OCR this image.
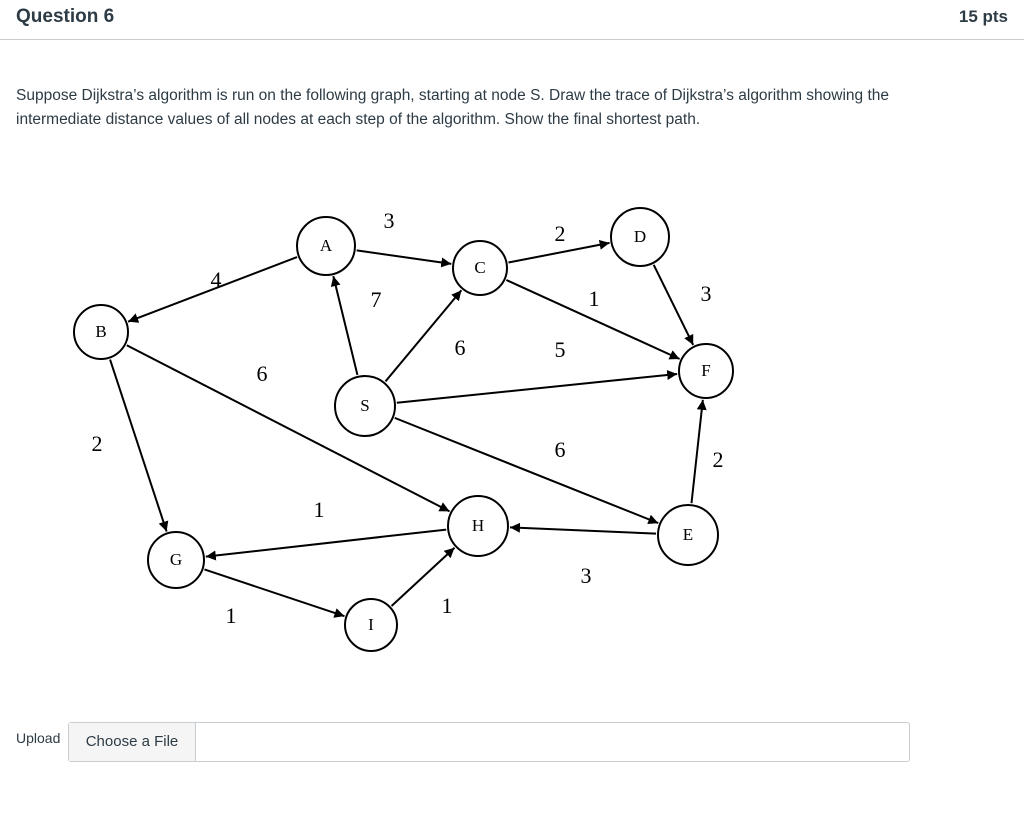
Question 6	15 pts
Suppose Dijkstra’s algorithm is run on the following graph, starting at node S. Draw the trace of Dijkstra’s algorithm showing the intermediate distance values of all nodes at each step of the algorithm. Show the final shortest path.
4
3
7
2
1	3
6	5
6
2	6	2
1
3
1	1
A
B
C
D
F
S
G
H	E
I
Upload	Choose a File
